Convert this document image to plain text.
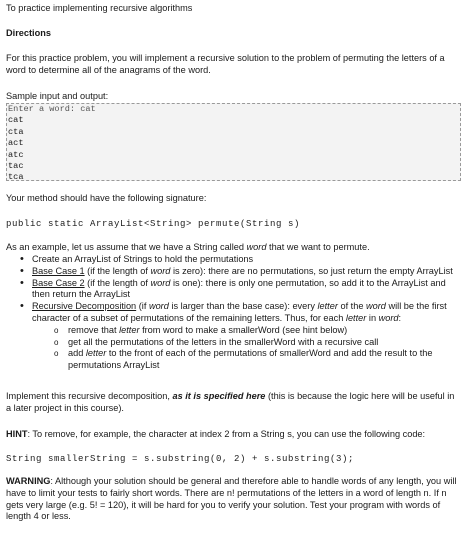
To practice implementing recursive algorithms

Directions

For this practice problem, you will implement a recursive solution to the problem of permuting the letters of a word to determine all of the anagrams of the word.

Sample input and output:

Enter a word: cat
cat
cta
act
atc
tac
tca

Your method should have the following signature:

public static ArrayList<String> permute(String s)

As an example, let us assume that we have a String called word that we want to permute.

• Create an ArrayList of Strings to hold the permutations
• Base Case 1 (if the length of word is zero): there are no permutations, so just return the empty ArrayList
• Base Case 2 (if the length of word is one): there is only one permutation, so add it to the ArrayList and then return the ArrayList
• Recursive Decomposition (if word is larger than the base case): every letter of the word will be the first character of a subset of permutations of the remaining letters. Thus, for each letter in word:
o remove that letter from word to make a smallerWord (see hint below)
o get all the permutations of the letters in the smallerWord with a recursive call
o add letter to the front of each of the permutations of smallerWord and add the result to the permutations ArrayList

Implement this recursive decomposition, as it is specified here (this is because the logic here will be useful in a later project in this course).

HINT: To remove, for example, the character at index 2 from a String s, you can use the following code:

String smallerString = s.substring(0, 2) + s.substring(3);

WARNING: Although your solution should be general and therefore able to handle words of any length, you will have to limit your tests to fairly short words. There are n! permutations of the letters in a word of length n. If n gets very large (e.g. 5! = 120), it will be hard for you to verify your solution. Test your program with words of length 4 or less.
